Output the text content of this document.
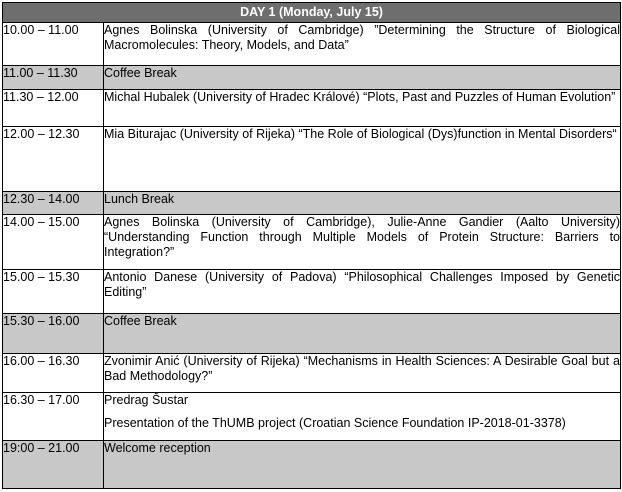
DAY 1 (Monday, July 15)	
10.00 – 11.00	Agnes Bolinska (University of Cambridge) ”Determining the Structure of Biological Macromolecules: Theory, Models, and Data”

11.00 – 11.30	Coffee Break

11.30 – 12.00	Michal Hubalek (University of Hradec Králové) “Plots, Past and Puzzles of Human Evolution”

12.00 – 12.30	Mia Biturajac (University of Rijeka) “The Role of Biological (Dys)function in Mental Disorders“

12.30 – 14.00	Lunch Break

14.00 – 15.00	Agnes Bolinska (University of Cambridge), Julie-Anne Gandier (Aalto University) “Understanding Function through Multiple Models of Protein Structure: Barriers to Integration?”

15.00 – 15.30	Antonio Danese (University of Padova) “Philosophical Challenges Imposed by Genetic Editing”

15.30 – 16.00	Coffee Break

16.00 – 16.30	Zvonimir Anić (University of Rijeka) “Mechanisms in Health Sciences: A Desirable Goal but a Bad Methodology?”

16.30 – 17.00	Predrag Šustar
Presentation of the ThUMB project (Croatian Science Foundation IP-2018-01-3378)

19:00 – 21.00	Welcome reception
